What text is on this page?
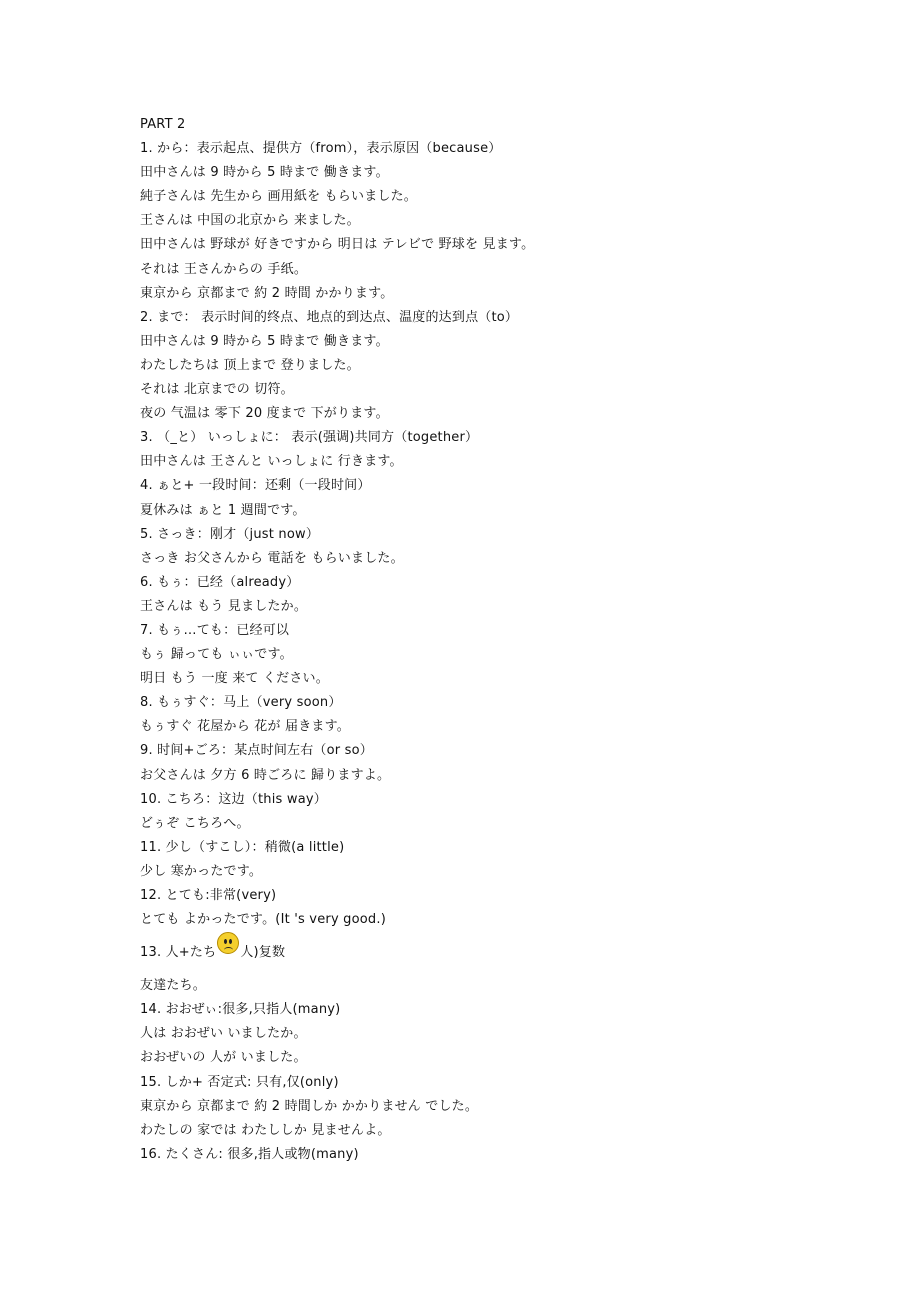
PART 2
1. から：表示起点、提供方（from），表示原因（because）
田中さんは 9 時から 5 時まで 働きます。
純子さんは 先生から 画用紙を もらいました。
王さんは 中国の北京から 来ました。
田中さんは 野球が 好きですから 明日は テレビで 野球を 見ます。
それは 王さんからの 手纸。
東京から 京都まで 約 2 時間 かかります。
2. まで： 表示时间的终点、地点的到达点、温度的达到点（to）
田中さんは 9 時から 5 時まで 働きます。
わたしたちは 顶上まで 登りました。
それは 北京までの 切符。
夜の 气温は 零下 20 度まで 下がります。
3. （_と） いっしょに： 表示(强调)共同方（together）
田中さんは 王さんと いっしょに 行きます。
4. ぁと+ 一段时间：还剩（一段时间）
夏休みは ぁと 1 週間です。
5. さっき：刚才（just now）
さっき お父さんから 電話を もらいました。
6. もぅ：已经（already）
王さんは もう 見ましたか。
7. もぅ…ても：已经可以
もぅ 歸っても ぃぃです。
明日 もう 一度 来て ください。
8. もぅすぐ：马上（very soon）
もぅすぐ 花屋から 花が 届きます。
9. 时间+ごろ：某点时间左右（or so）
お父さんは 夕方 6 時ごろに 歸りますよ。
10. こちろ：这边（this way）
どぅぞ こちろへ。
11. 少し（すこし）：稍微(a little)
少し 寒かったです。
12. とても:非常(very)
とても よかったです。(It 's very good.)
13. 人+たち 人)复数
友達たち。
14. おおぜぃ:很多,只指人(many)
人は おおぜい いましたか。
おおぜいの 人が いました。
15. しか+ 否定式: 只有,仅(only)
東京から 京都まで 約 2 時間しか かかりません でした。
わたしの 家では わたししか 見ませんよ。
16. たくさん: 很多,指人或物(many)
